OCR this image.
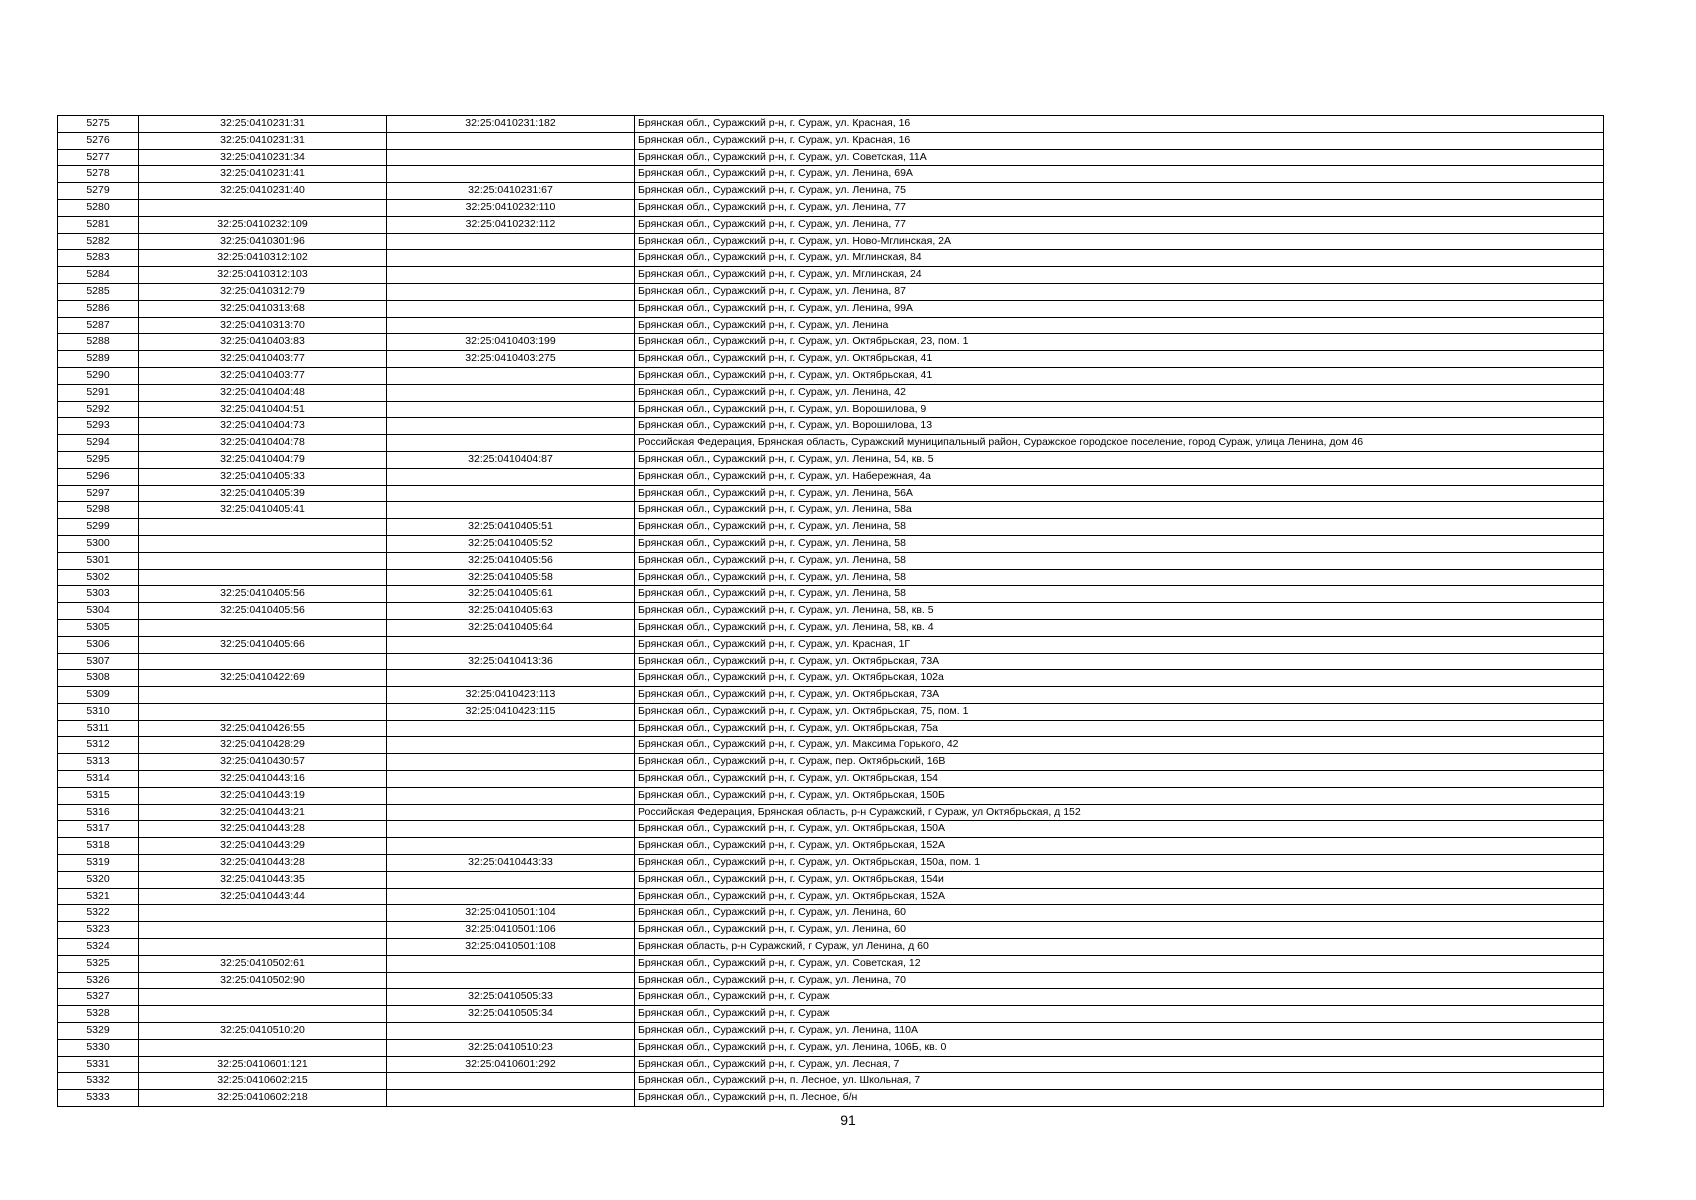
5275	32:25:0410231:31	32:25:0410231:182	Брянская обл., Суражский р-н, г. Сураж, ул. Красная, 16
5276	32:25:0410231:31		Брянская обл., Суражский р-н, г. Сураж, ул. Красная, 16
5277	32:25:0410231:34		Брянская обл., Суражский р-н, г. Сураж, ул. Советская, 11А
5278	32:25:0410231:41		Брянская обл., Суражский р-н, г. Сураж, ул. Ленина, 69А
5279	32:25:0410231:40	32:25:0410231:67	Брянская обл., Суражский р-н, г. Сураж, ул. Ленина, 75
5280		32:25:0410232:110	Брянская обл., Суражский р-н, г. Сураж, ул. Ленина, 77
5281	32:25:0410232:109	32:25:0410232:112	Брянская обл., Суражский р-н, г. Сураж, ул. Ленина, 77
5282	32:25:0410301:96		Брянская обл., Суражский р-н, г. Сураж, ул. Ново-Мглинская, 2А
5283	32:25:0410312:102		Брянская обл., Суражский р-н, г. Сураж, ул. Мглинская, 84
5284	32:25:0410312:103		Брянская обл., Суражский р-н, г. Сураж, ул. Мглинская, 24
5285	32:25:0410312:79		Брянская обл., Суражский р-н, г. Сураж, ул. Ленина, 87
5286	32:25:0410313:68		Брянская обл., Суражский р-н, г. Сураж, ул. Ленина, 99А
5287	32:25:0410313:70		Брянская обл., Суражский р-н, г. Сураж, ул. Ленина
5288	32:25:0410403:83	32:25:0410403:199	Брянская обл., Суражский р-н, г. Сураж, ул. Октябрьская, 23, пом. 1
5289	32:25:0410403:77	32:25:0410403:275	Брянская обл., Суражский р-н, г. Сураж, ул. Октябрьская, 41
5290	32:25:0410403:77		Брянская обл., Суражский р-н, г. Сураж, ул. Октябрьская, 41
5291	32:25:0410404:48		Брянская обл., Суражский р-н, г. Сураж, ул. Ленина, 42
5292	32:25:0410404:51		Брянская обл., Суражский р-н, г. Сураж, ул. Ворошилова, 9
5293	32:25:0410404:73		Брянская обл., Суражский р-н, г. Сураж, ул. Ворошилова, 13
5294	32:25:0410404:78		Российская Федерация, Брянская область, Суражский муниципальный район, Суражское городское поселение, город Сураж, улица Ленина, дом 46
5295	32:25:0410404:79	32:25:0410404:87	Брянская обл., Суражский р-н, г. Сураж, ул. Ленина, 54, кв. 5
5296	32:25:0410405:33		Брянская обл., Суражский р-н, г. Сураж, ул. Набережная, 4а
5297	32:25:0410405:39		Брянская обл., Суражский р-н, г. Сураж, ул. Ленина, 56А
5298	32:25:0410405:41		Брянская обл., Суражский р-н, г. Сураж, ул. Ленина, 58а
5299		32:25:0410405:51	Брянская обл., Суражский р-н, г. Сураж, ул. Ленина, 58
5300		32:25:0410405:52	Брянская обл., Суражский р-н, г. Сураж, ул. Ленина, 58
5301		32:25:0410405:56	Брянская обл., Суражский р-н, г. Сураж, ул. Ленина, 58
5302		32:25:0410405:58	Брянская обл., Суражский р-н, г. Сураж, ул. Ленина, 58
5303	32:25:0410405:56	32:25:0410405:61	Брянская обл., Суражский р-н, г. Сураж, ул. Ленина, 58
5304	32:25:0410405:56	32:25:0410405:63	Брянская обл., Суражский р-н, г. Сураж, ул. Ленина, 58, кв. 5
5305		32:25:0410405:64	Брянская обл., Суражский р-н, г. Сураж, ул. Ленина, 58, кв. 4
5306	32:25:0410405:66		Брянская обл., Суражский р-н, г. Сураж, ул. Красная, 1Г
5307		32:25:0410413:36	Брянская обл., Суражский р-н, г. Сураж, ул. Октябрьская, 73А
5308	32:25:0410422:69		Брянская обл., Суражский р-н, г. Сураж, ул. Октябрьская, 102а
5309		32:25:0410423:113	Брянская обл., Суражский р-н, г. Сураж, ул. Октябрьская, 73А
5310		32:25:0410423:115	Брянская обл., Суражский р-н, г. Сураж, ул. Октябрьская, 75, пом. 1
5311	32:25:0410426:55		Брянская обл., Суражский р-н, г. Сураж, ул. Октябрьская, 75а
5312	32:25:0410428:29		Брянская обл., Суражский р-н, г. Сураж, ул. Максима Горького, 42
5313	32:25:0410430:57		Брянская обл., Суражский р-н, г. Сураж, пер. Октябрьский, 16В
5314	32:25:0410443:16		Брянская обл., Суражский р-н, г. Сураж, ул. Октябрьская, 154
5315	32:25:0410443:19		Брянская обл., Суражский р-н, г. Сураж, ул. Октябрьская, 150Б
5316	32:25:0410443:21		Российская Федерация, Брянская область, р-н Суражский, г Сураж, ул Октябрьская, д 152
5317	32:25:0410443:28		Брянская обл., Суражский р-н, г. Сураж, ул. Октябрьская, 150А
5318	32:25:0410443:29		Брянская обл., Суражский р-н, г. Сураж, ул. Октябрьская, 152А
5319	32:25:0410443:28	32:25:0410443:33	Брянская обл., Суражский р-н, г. Сураж, ул. Октябрьская, 150а, пом. 1
5320	32:25:0410443:35		Брянская обл., Суражский р-н, г. Сураж, ул. Октябрьская, 154и
5321	32:25:0410443:44		Брянская обл., Суражский р-н, г. Сураж, ул. Октябрьская, 152А
5322		32:25:0410501:104	Брянская обл., Суражский р-н, г. Сураж, ул. Ленина, 60
5323		32:25:0410501:106	Брянская обл., Суражский р-н, г. Сураж, ул. Ленина, 60
5324		32:25:0410501:108	Брянская область, р-н Суражский, г Сураж, ул Ленина, д 60
5325	32:25:0410502:61		Брянская обл., Суражский р-н, г. Сураж, ул. Советская, 12
5326	32:25:0410502:90		Брянская обл., Суражский р-н, г. Сураж, ул. Ленина, 70
5327		32:25:0410505:33	Брянская обл., Суражский р-н, г. Сураж
5328		32:25:0410505:34	Брянская обл., Суражский р-н, г. Сураж
5329	32:25:0410510:20		Брянская обл., Суражский р-н, г. Сураж, ул. Ленина, 110А
5330		32:25:0410510:23	Брянская обл., Суражский р-н, г. Сураж, ул. Ленина, 106Б, кв. 0
5331	32:25:0410601:121	32:25:0410601:292	Брянская обл., Суражский р-н, г. Сураж, ул. Лесная, 7
5332	32:25:0410602:215		Брянская обл., Суражский р-н, п. Лесное, ул. Школьная, 7
5333	32:25:0410602:218		Брянская обл., Суражский р-н, п. Лесное, б/н
91
